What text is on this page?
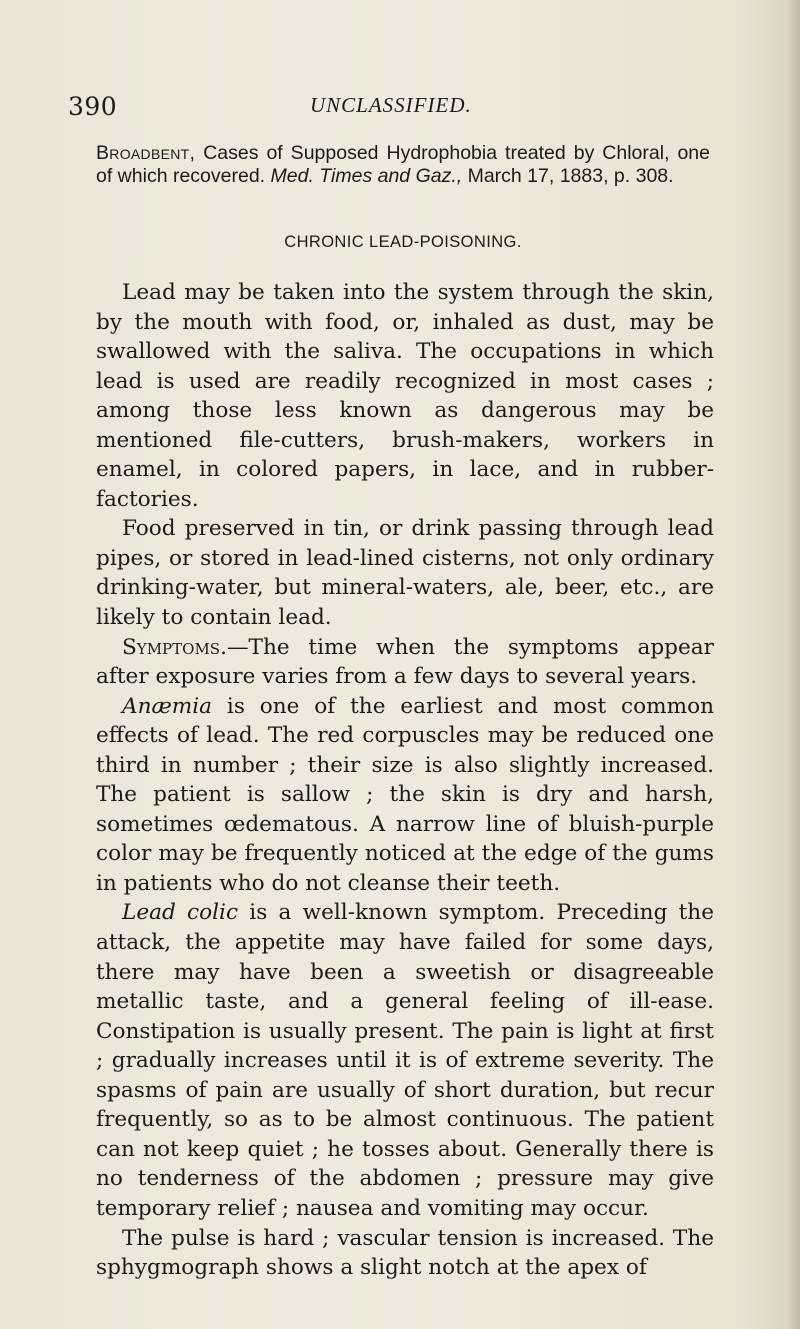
390	UNCLASSIFIED.
Broadbent, Cases of Supposed Hydrophobia treated by Chloral, one of which recovered. Med. Times and Gaz., March 17, 1883, p. 308.
CHRONIC LEAD-POISONING.

Lead may be taken into the system through the skin, by the mouth with food, or, inhaled as dust, may be swallowed with the saliva. The occupations in which lead is used are readily recognized in most cases ; among those less known as dangerous may be mentioned file-cutters, brush-makers, workers in enamel, in colored papers, in lace, and in rubber-factories.

Food preserved in tin, or drink passing through lead pipes, or stored in lead-lined cisterns, not only ordinary drinking-water, but mineral-waters, ale, beer, etc., are likely to contain lead.

Symptoms.—The time when the symptoms appear after exposure varies from a few days to several years.

Anæmia is one of the earliest and most common effects of lead. The red corpuscles may be reduced one third in number ; their size is also slightly increased. The patient is sallow ; the skin is dry and harsh, sometimes œdematous. A narrow line of bluish-purple color may be frequently noticed at the edge of the gums in patients who do not cleanse their teeth.

Lead colic is a well-known symptom. Preceding the attack, the appetite may have failed for some days, there may have been a sweetish or disagreeable metallic taste, and a general feeling of ill-ease. Constipation is usually present. The pain is light at first ; gradually increases until it is of extreme severity. The spasms of pain are usually of short duration, but recur frequently, so as to be almost continuous. The patient can not keep quiet ; he tosses about. Generally there is no tenderness of the abdomen ; pressure may give temporary relief ; nausea and vomiting may occur.

The pulse is hard ; vascular tension is increased. The sphygmograph shows a slight notch at the apex of
